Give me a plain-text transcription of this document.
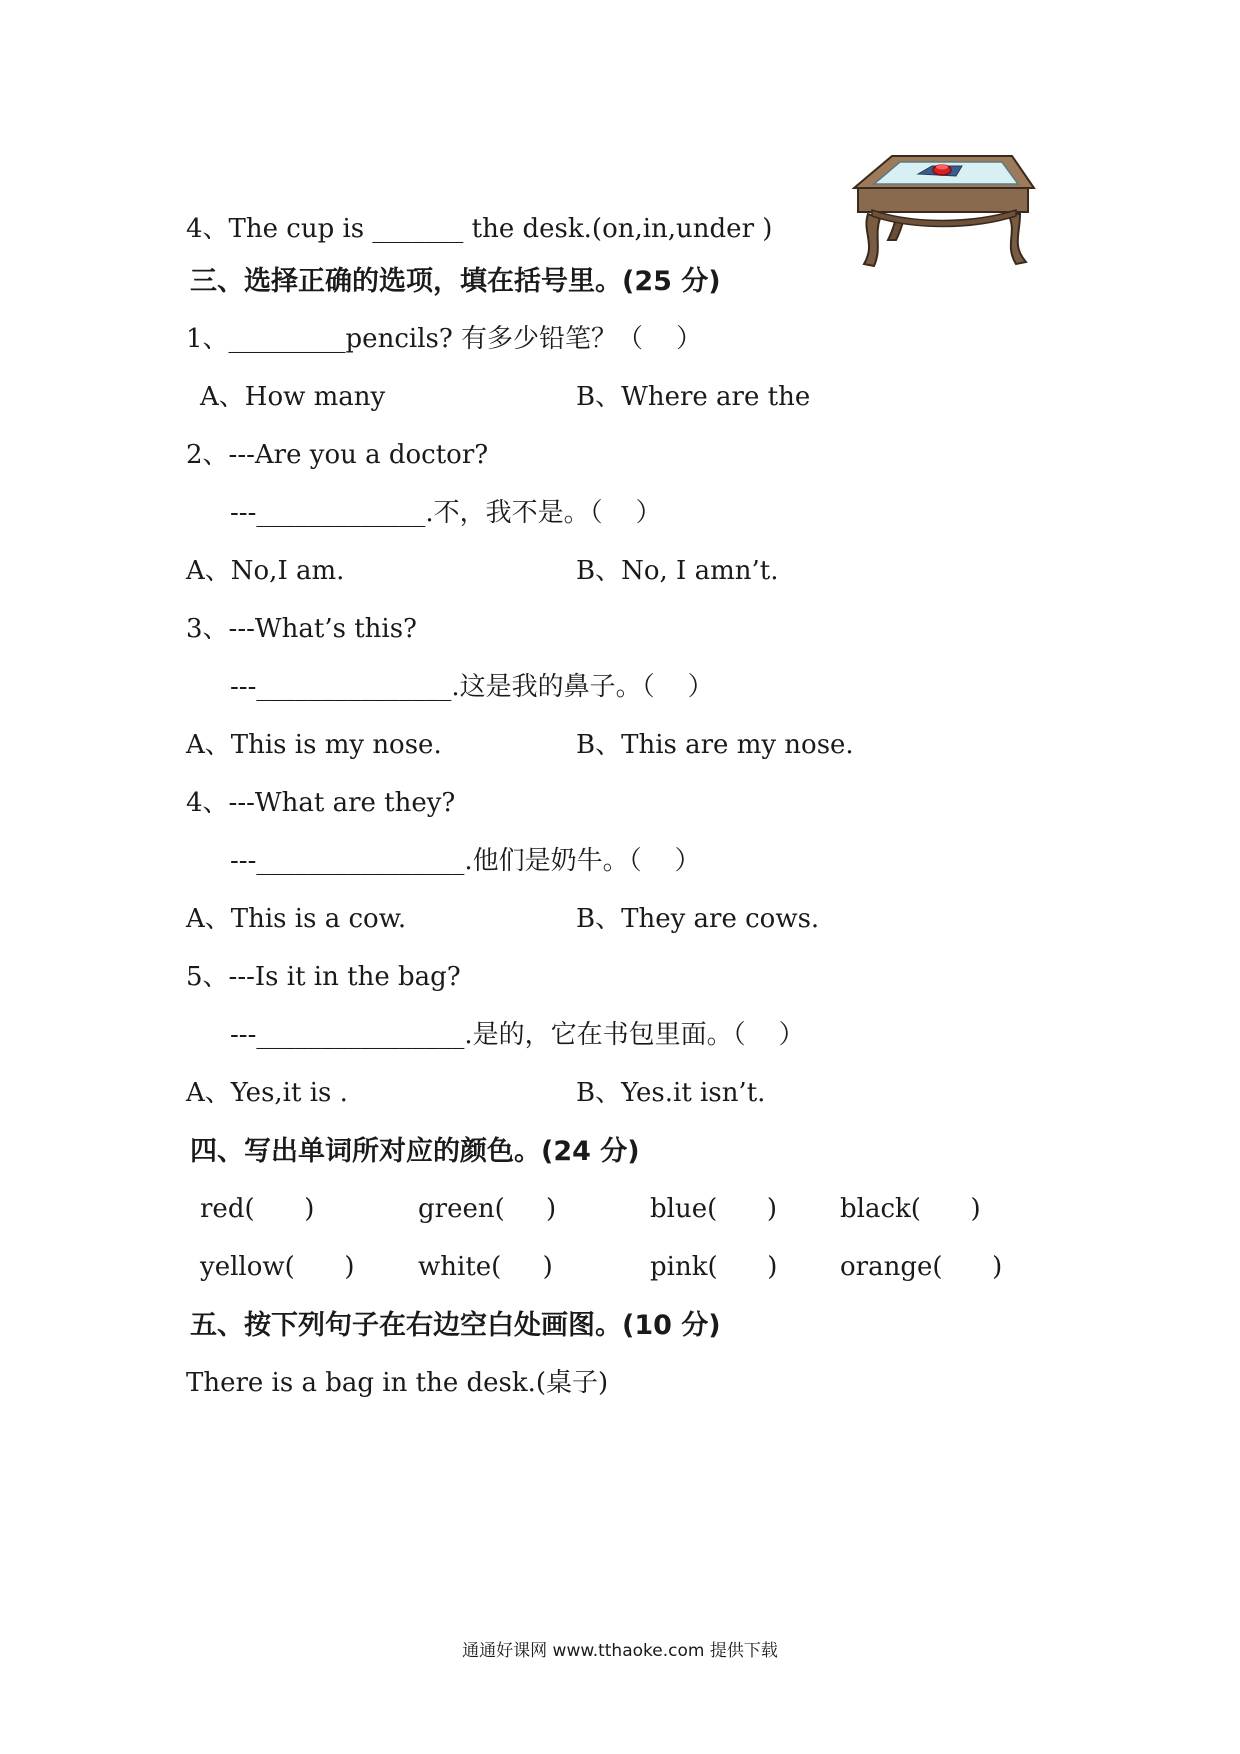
4、The cup is _______ the desk.(on,in,under )
三、选择正确的选项，填在括号里。(25 分)
1、_________pencils? 有多少铅笔？（    ）
A、How many	B、Where are the
2、---Are you a doctor?
---_____________.不，我不是。（    ）
A、No,I am.	B、No, I amn’t.
3、---What’s this?
---_______________.这是我的鼻子。（    ）
A、This is my nose.	B、This are my nose.
4、---What are they?
---________________.他们是奶牛。（    ）
A、This is a cow.	B、They are cows.
5、---Is it in the bag?
---________________.是的，它在书包里面。（    ）
A、Yes,it is .	B、Yes.it isn’t.
四、写出单词所对应的颜色。(24 分)
red(      )	green(     )	blue(      ) black(      )
yellow(      ) white(     )	pink(      ) orange(      )
五、按下列句子在右边空白处画图。(10 分)
There is a bag in the desk.(桌子)
通通好课网 www.tthaoke.com 提供下载
